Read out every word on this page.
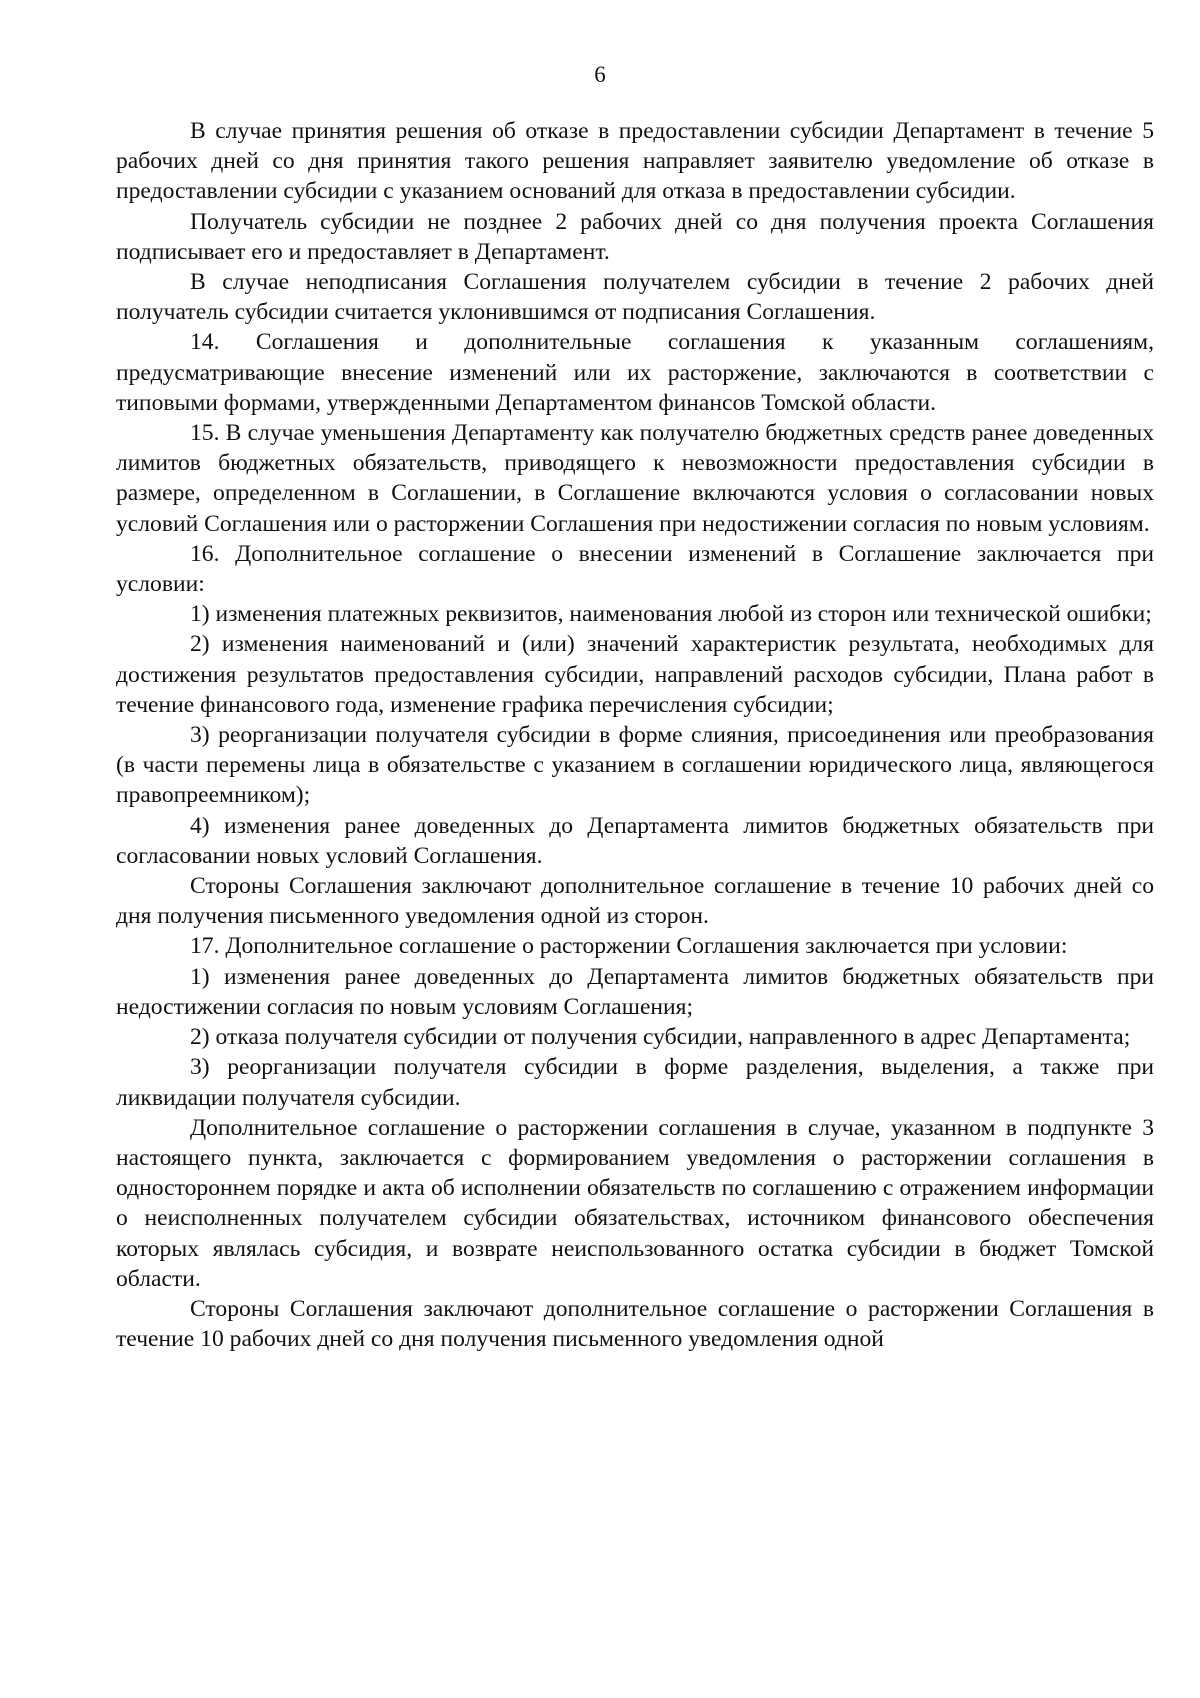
6

В случае принятия решения об отказе в предоставлении субсидии Департамент в течение 5 рабочих дней со дня принятия такого решения направляет заявителю уведомление об отказе в предоставлении субсидии с указанием оснований для отказа в предоставлении субсидии.

Получатель субсидии не позднее 2 рабочих дней со дня получения проекта Соглашения подписывает его и предоставляет в Департамент.

В случае неподписания Соглашения получателем субсидии в течение 2 рабочих дней получатель субсидии считается уклонившимся от подписания Соглашения.

14. Соглашения и дополнительные соглашения к указанным соглашениям, предусматривающие внесение изменений или их расторжение, заключаются в соответствии с типовыми формами, утвержденными Департаментом финансов Томской области.

15. В случае уменьшения Департаменту как получателю бюджетных средств ранее доведенных лимитов бюджетных обязательств, приводящего к невозможности предоставления субсидии в размере, определенном в Соглашении, в Соглашение включаются условия о согласовании новых условий Соглашения или о расторжении Соглашения при недостижении согласия по новым условиям.

16. Дополнительное соглашение о внесении изменений в Соглашение заключается при условии:

1) изменения платежных реквизитов, наименования любой из сторон или технической ошибки;

2) изменения наименований и (или) значений характеристик результата, необходимых для достижения результатов предоставления субсидии, направлений расходов субсидии, Плана работ в течение финансового года, изменение графика перечисления субсидии;

3) реорганизации получателя субсидии в форме слияния, присоединения или преобразования (в части перемены лица в обязательстве с указанием в соглашении юридического лица, являющегося правопреемником);

4) изменения ранее доведенных до Департамента лимитов бюджетных обязательств при согласовании новых условий Соглашения.

Стороны Соглашения заключают дополнительное соглашение в течение 10 рабочих дней со дня получения письменного уведомления одной из сторон.

17. Дополнительное соглашение о расторжении Соглашения заключается при условии:

1) изменения ранее доведенных до Департамента лимитов бюджетных обязательств при недостижении согласия по новым условиям Соглашения;

2) отказа получателя субсидии от получения субсидии, направленного в адрес Департамента;

3) реорганизации получателя субсидии в форме разделения, выделения, а также при ликвидации получателя субсидии.

Дополнительное соглашение о расторжении соглашения в случае, указанном в подпункте 3 настоящего пункта, заключается с формированием уведомления о расторжении соглашения в одностороннем порядке и акта об исполнении обязательств по соглашению с отражением информации о неисполненных получателем субсидии обязательствах, источником финансового обеспечения которых являлась субсидия, и возврате неиспользованного остатка субсидии в бюджет Томской области.

Стороны Соглашения заключают дополнительное соглашение о расторжении Соглашения в течение 10 рабочих дней со дня получения письменного уведомления одной
